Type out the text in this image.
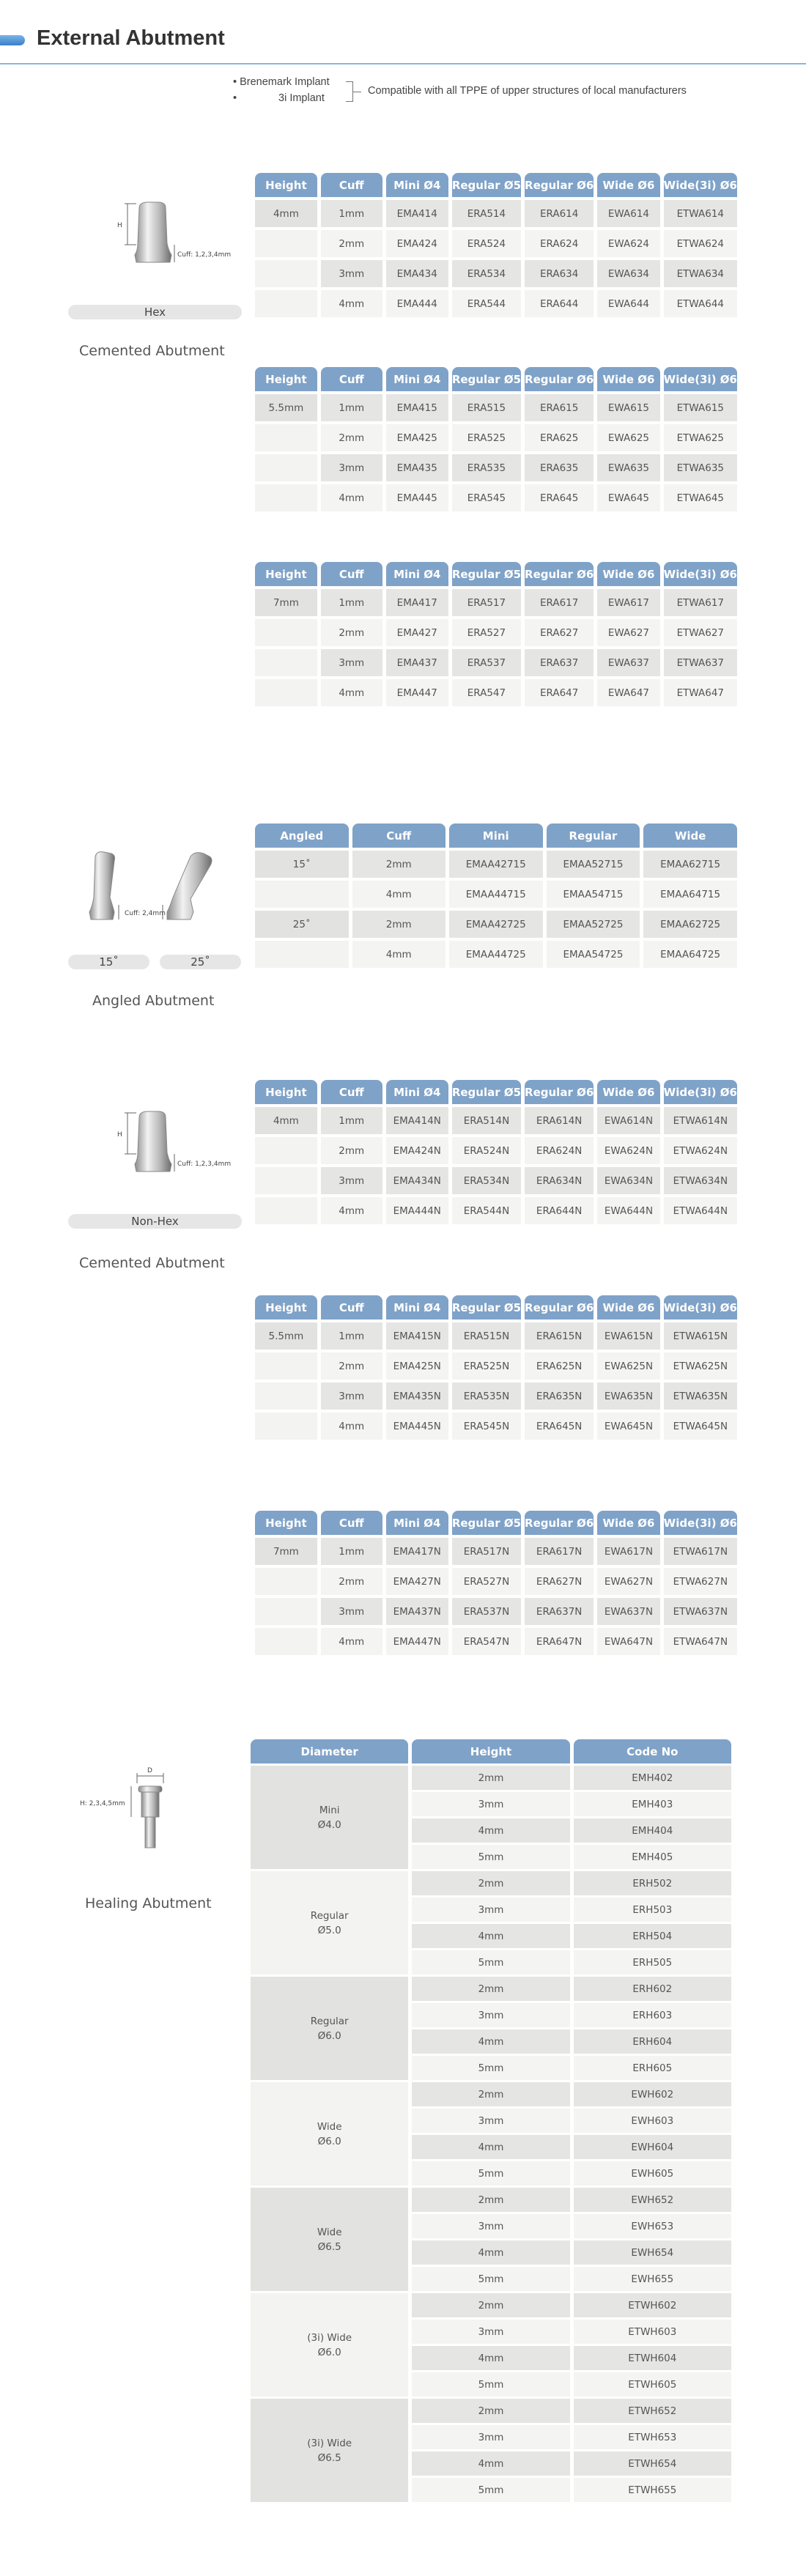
External Abutment
• Brenemark Implant
•	3i Implant
Compatible with all TPPE of upper structures of local manufacturers
H
Cuff: 1,2,3,4mm
Hex
Cemented Abutment
Height	Cuff	Mini Ø4	Regular Ø5	Regular Ø6	Wide Ø6	Wide(3i) Ø6
4mm	1mm	EMA414	ERA514	ERA614	EWA614	ETWA614
	2mm	EMA424	ERA524	ERA624	EWA624	ETWA624
	3mm	EMA434	ERA534	ERA634	EWA634	ETWA634
	4mm	EMA444	ERA544	ERA644	EWA644	ETWA644
Height	Cuff	Mini Ø4	Regular Ø5	Regular Ø6	Wide Ø6	Wide(3i) Ø6
5.5mm	1mm	EMA415	ERA515	ERA615	EWA615	ETWA615
	2mm	EMA425	ERA525	ERA625	EWA625	ETWA625
	3mm	EMA435	ERA535	ERA635	EWA635	ETWA635
	4mm	EMA445	ERA545	ERA645	EWA645	ETWA645
Height	Cuff	Mini Ø4	Regular Ø5	Regular Ø6	Wide Ø6	Wide(3i) Ø6
7mm	1mm	EMA417	ERA517	ERA617	EWA617	ETWA617
	2mm	EMA427	ERA527	ERA627	EWA627	ETWA627
	3mm	EMA437	ERA537	ERA637	EWA637	ETWA637
	4mm	EMA447	ERA547	ERA647	EWA647	ETWA647
Cuff: 2,4mm
15˚	25˚
Angled Abutment
Angled	Cuff	Mini	Regular	Wide
15˚	2mm	EMAA42715	EMAA52715	EMAA62715
	4mm	EMAA44715	EMAA54715	EMAA64715
25˚	2mm	EMAA42725	EMAA52725	EMAA62725
	4mm	EMAA44725	EMAA54725	EMAA64725
H
Cuff: 1,2,3,4mm
Non-Hex
Cemented Abutment
Height	Cuff	Mini Ø4	Regular Ø5	Regular Ø6	Wide Ø6	Wide(3i) Ø6
4mm	1mm	EMA414N	ERA514N	ERA614N	EWA614N	ETWA614N
	2mm	EMA424N	ERA524N	ERA624N	EWA624N	ETWA624N
	3mm	EMA434N	ERA534N	ERA634N	EWA634N	ETWA634N
	4mm	EMA444N	ERA544N	ERA644N	EWA644N	ETWA644N
Height	Cuff	Mini Ø4	Regular Ø5	Regular Ø6	Wide Ø6	Wide(3i) Ø6
5.5mm	1mm	EMA415N	ERA515N	ERA615N	EWA615N	ETWA615N
	2mm	EMA425N	ERA525N	ERA625N	EWA625N	ETWA625N
	3mm	EMA435N	ERA535N	ERA635N	EWA635N	ETWA635N
	4mm	EMA445N	ERA545N	ERA645N	EWA645N	ETWA645N
Height	Cuff	Mini Ø4	Regular Ø5	Regular Ø6	Wide Ø6	Wide(3i) Ø6
7mm	1mm	EMA417N	ERA517N	ERA617N	EWA617N	ETWA617N
	2mm	EMA427N	ERA527N	ERA627N	EWA627N	ETWA627N
	3mm	EMA437N	ERA537N	ERA637N	EWA637N	ETWA637N
	4mm	EMA447N	ERA547N	ERA647N	EWA647N	ETWA647N
D
H: 2,3,4,5mm
Healing Abutment
Diameter	Height	Code No
Mini
Ø4.0	2mm	EMH402
	3mm	EMH403
	4mm	EMH404
	5mm	EMH405
Regular
Ø5.0	2mm	ERH502
	3mm	ERH503
	4mm	ERH504
	5mm	ERH505
Regular
Ø6.0	2mm	ERH602
	3mm	ERH603
	4mm	ERH604
	5mm	ERH605
Wide
Ø6.0	2mm	EWH602
	3mm	EWH603
	4mm	EWH604
	5mm	EWH605
Wide
Ø6.5	2mm	EWH652
	3mm	EWH653
	4mm	EWH654
	5mm	EWH655
(3i) Wide
Ø6.0	2mm	ETWH602
	3mm	ETWH603
	4mm	ETWH604
	5mm	ETWH605
(3i) Wide
Ø6.5	2mm	ETWH652
	3mm	ETWH653
	4mm	ETWH654
	5mm	ETWH655
